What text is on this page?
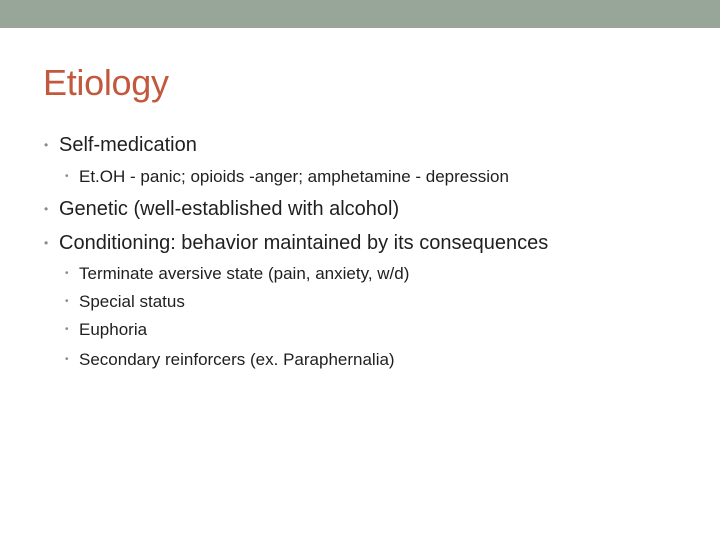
Etiology
• Self-medication
• Et.OH - panic; opioids -anger; amphetamine - depression
• Genetic (well-established with alcohol)
• Conditioning: behavior maintained by its consequences
• Terminate aversive state (pain, anxiety, w/d)
• Special status
• Euphoria
• Secondary reinforcers (ex. Paraphernalia)
